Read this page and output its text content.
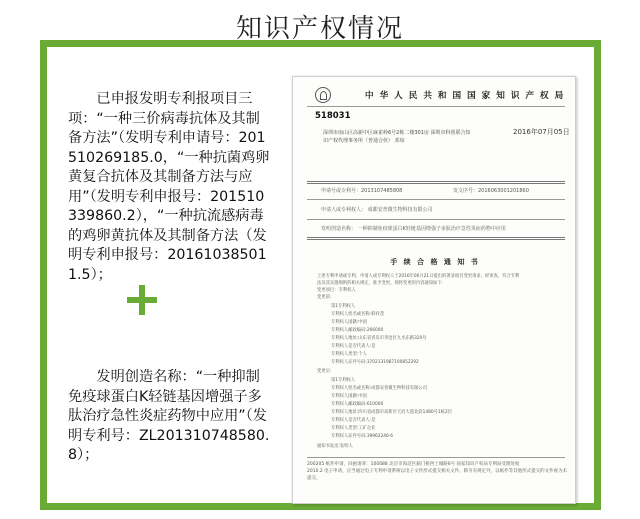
知识产权情况

已申报发明专利报项目三项：“一种三价病毒抗体及其制备方法”（发明专利申请号：201510269185.0，“一种抗菌鸡卵黄复合抗体及其制备方法与应用”（发明专利申报号：201510339860.2），“一种抗流感病毒的鸡卵黄抗体及其制备方法（发明专利申报号：201610385011.5）；

发明创造名称：“一种抑制免疫球蛋白K轻链基因增强子多肽治疗急性炎症药物中应用”（发明专利号：ZL201310748580.8）；

中 华 人 民 共 和 国 国 家 知 识 产 权 局
518031
深圳市南山区高新中区麻雀岭6号2栋二楼301房 深圳市科创联合知识产权代理事务所（普通合伙） 邓琼
2016年07月05日
申请号或专利号：2013107485808	发文序号：2016063001201860
申请人或专利权人： 成都安普微生物科技有限公司
发明创造名称： 一种抑制免疫球蛋白K轻链基因增强子多肽治疗急性炎症药物中应用
手 续 合 格 通 知 书
上述专利申请或专利，申请人或专利权人于2016年06月21日提出的著录项目变更请求，经审查，符合专利
法及其实施细则的相关规定，准予变更。现将变更的内容通知如下：
变更项目：专利权人
变更前：
第1专利权人
专利权人姓名或名称:韩祥茂
专利权人国籍:中国
专利权人邮政编码:266000
专利权人地址:山东省青岛市李沧区九水东路320号
专利权人是否代表人:是
专利权人类型:个人
专利权人证件号码:3702131987100852292
变更后：
第1专利权人
专利权人姓名或名称:成都安普微生物科技有限公司
专利权人国籍:中国
专利权人邮政编码:610000
专利权人地址:四川省成都市高新区天府大道北段1480号1栋2层
专利权人是否代表人:是
专利权人类型:工矿企业
专利权人证件号码:39962246-6
通知书发送:发明人
200205 纸件申请，回函请寄：100088 北京市海淀区蓟门桥西土城路6号 国家知识产权局专利局受理处收
2010.2 电子申请，应当通过电子专利申请系统以电子文件形式提交相关文件。除另有规定外，以纸件等其他形式提交的文件视为未提交。
